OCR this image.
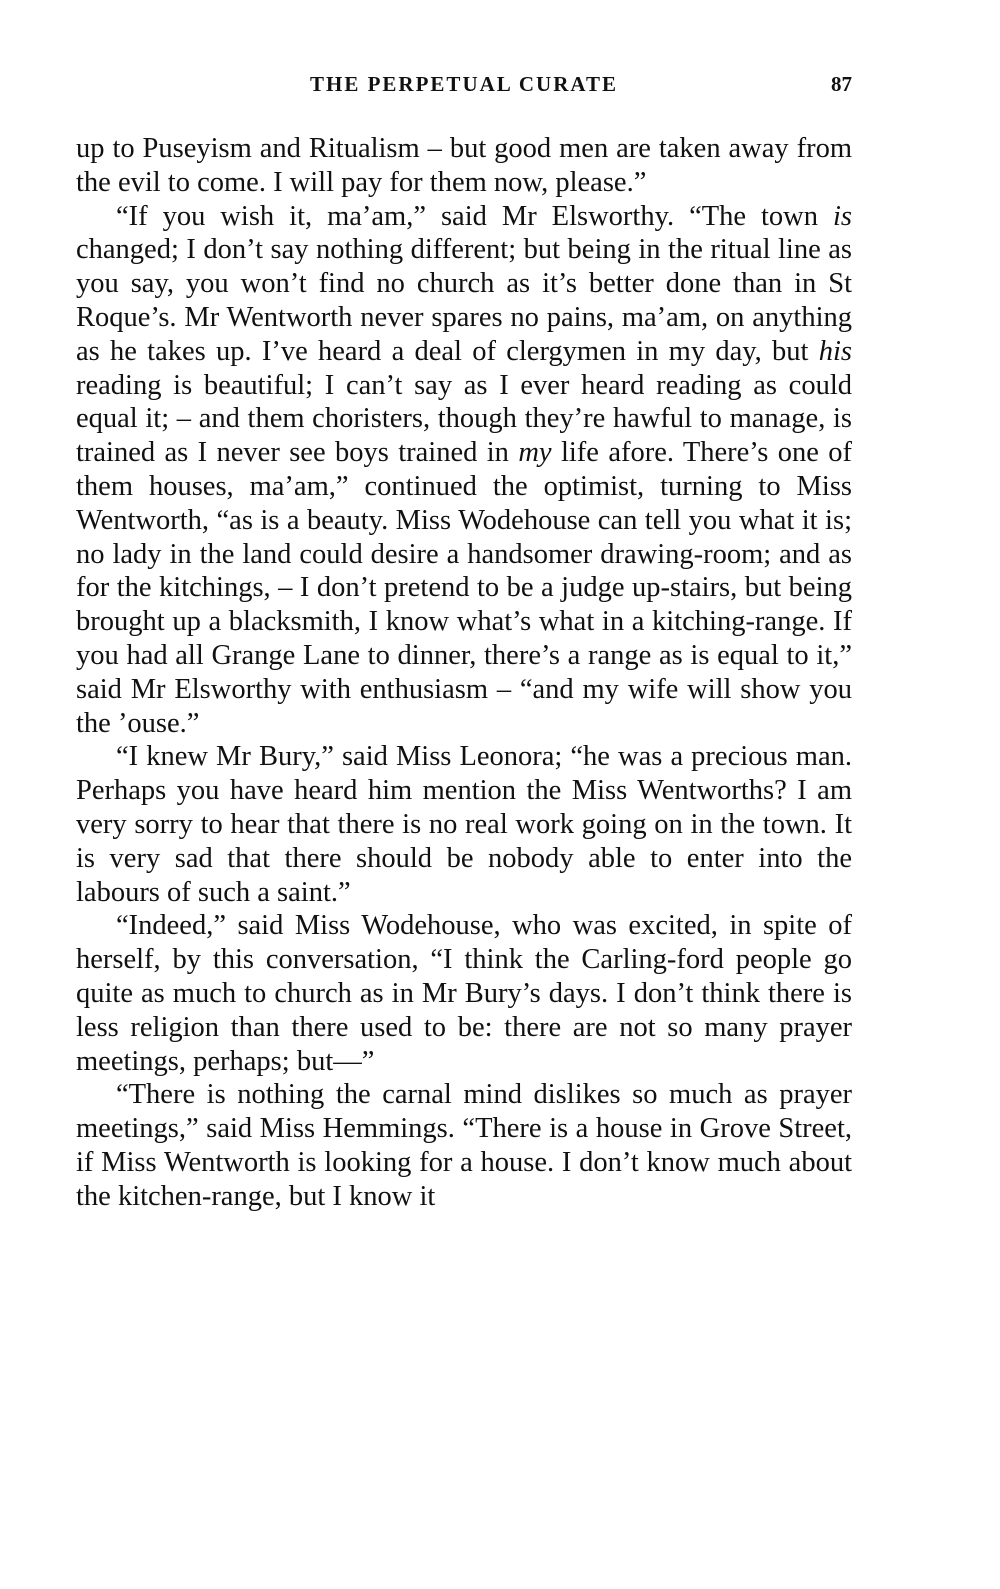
THE PERPETUAL CURATE	87

up to Puseyism and Ritualism – but good men are taken away from the evil to come. I will pay for them now, please.”

“If you wish it, ma’am,” said Mr Elsworthy. “The town is changed; I don’t say nothing different; but being in the ritual line as you say, you won’t find no church as it’s better done than in St Roque’s. Mr Wentworth never spares no pains, ma’am, on anything as he takes up. I’ve heard a deal of clergymen in my day, but his reading is beautiful; I can’t say as I ever heard reading as could equal it; – and them choristers, though they’re hawful to manage, is trained as I never see boys trained in my life afore. There’s one of them houses, ma’am,” continued the optimist, turning to Miss Wentworth, “as is a beauty. Miss Wodehouse can tell you what it is; no lady in the land could desire a handsomer drawing-room; and as for the kitchings, – I don’t pretend to be a judge up-stairs, but being brought up a blacksmith, I know what’s what in a kitching-range. If you had all Grange Lane to dinner, there’s a range as is equal to it,” said Mr Elsworthy with enthusiasm – “and my wife will show you the ’ouse.”

“I knew Mr Bury,” said Miss Leonora; “he was a precious man. Perhaps you have heard him mention the Miss Wentworths? I am very sorry to hear that there is no real work going on in the town. It is very sad that there should be nobody able to enter into the labours of such a saint.”

“Indeed,” said Miss Wodehouse, who was excited, in spite of herself, by this conversation, “I think the Carling-ford people go quite as much to church as in Mr Bury’s days. I don’t think there is less religion than there used to be: there are not so many prayer meetings, perhaps; but—”

“There is nothing the carnal mind dislikes so much as prayer meetings,” said Miss Hemmings. “There is a house in Grove Street, if Miss Wentworth is looking for a house. I don’t know much about the kitchen-range, but I know it
